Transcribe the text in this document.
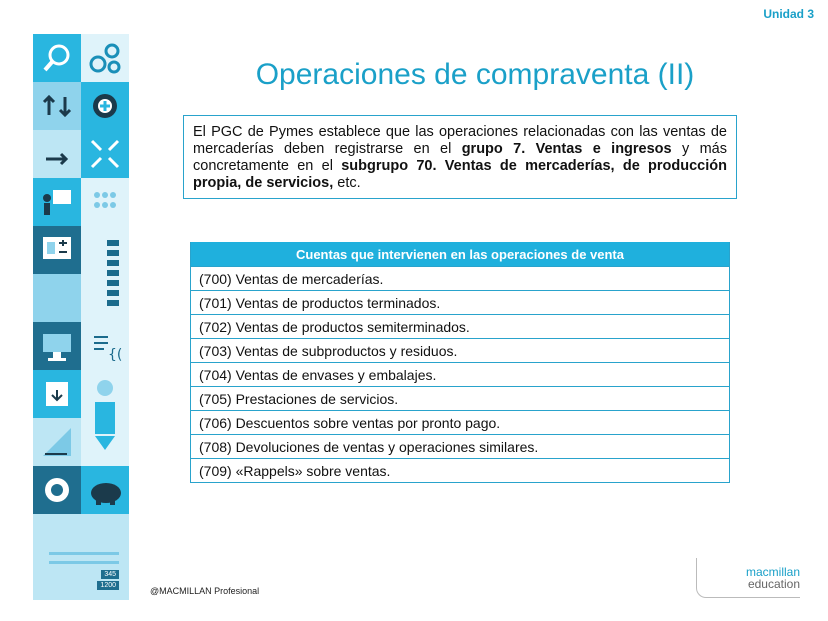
Unidad 3
{(
345
1200
Operaciones de compraventa (II)
El PGC de Pymes establece que las operaciones relacionadas con las ventas de mercaderías deben registrarse en el grupo 7. Ventas e ingresos y más concretamente en el subgrupo 70. Ventas de mercaderías, de producción propia, de servicios, etc.
Cuentas que intervienen en las operaciones de venta
(700) Ventas de mercaderías.
(701) Ventas de productos terminados.
(702) Ventas de productos semiterminados.
(703) Ventas de subproductos y residuos.
(704) Ventas de envases y embalajes.
(705) Prestaciones de servicios.
(706) Descuentos sobre ventas por pronto pago.
(708) Devoluciones de ventas y operaciones similares.
(709) «Rappels» sobre ventas.
@MACMILLAN Profesional
macmillan
education
